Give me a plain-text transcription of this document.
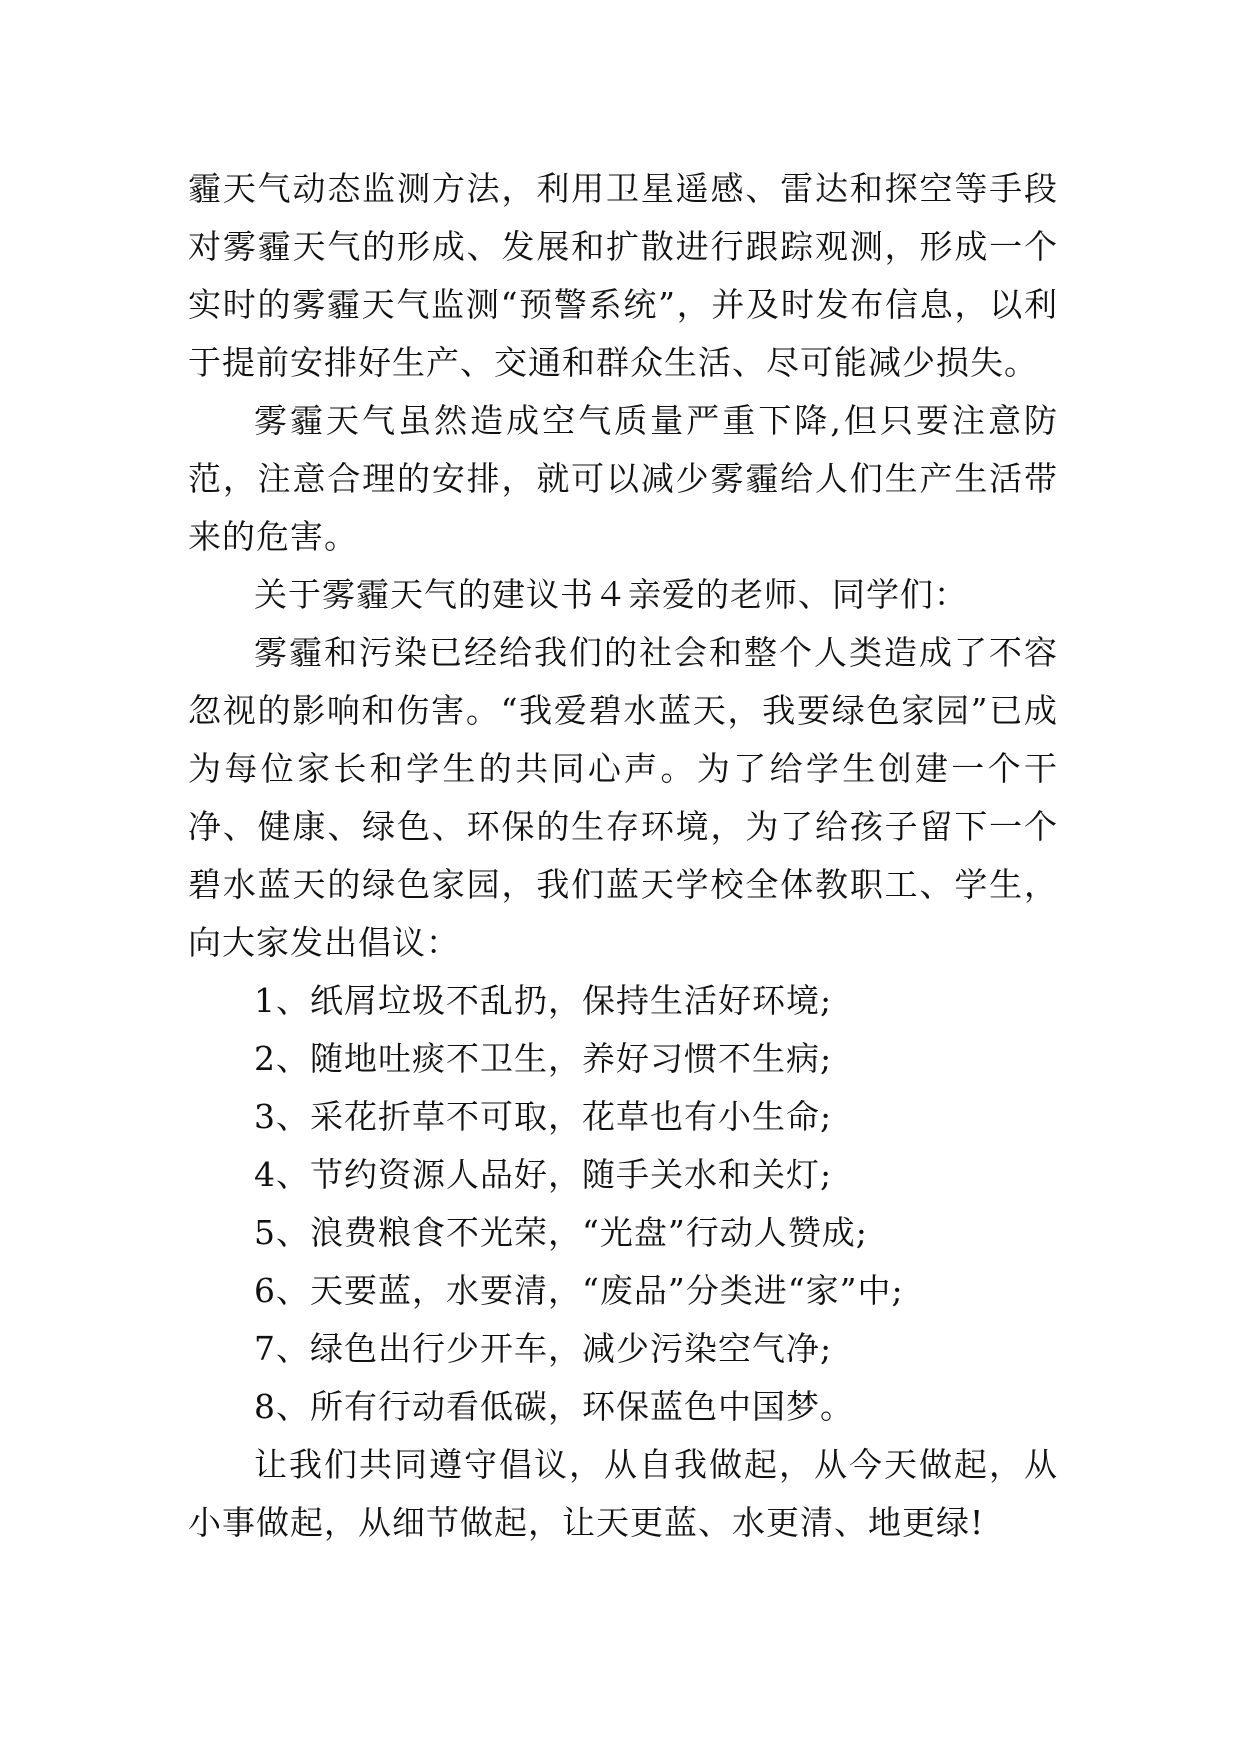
霾天气动态监测方法，利用卫星遥感、雷达和探空等手段对雾霾天气的形成、发展和扩散进行跟踪观测，形成一个实时的雾霾天气监测“预警系统”，并及时发布信息，以利于提前安排好生产、交通和群众生活、尽可能减少损失。

雾霾天气虽然造成空气质量严重下降,但只要注意防范，注意合理的安排，就可以减少雾霾给人们生产生活带来的危害。

关于雾霾天气的建议书４亲爱的老师、同学们：

雾霾和污染已经给我们的社会和整个人类造成了不容忽视的影响和伤害。“我爱碧水蓝天，我要绿色家园”已成为每位家长和学生的共同心声。为了给学生创建一个干净、健康、绿色、环保的生存环境，为了给孩子留下一个碧水蓝天的绿色家园，我们蓝天学校全体教职工、学生，向大家发出倡议：

1、纸屑垃圾不乱扔，保持生活好环境;

2、随地吐痰不卫生，养好习惯不生病;

3、采花折草不可取，花草也有小生命;

4、节约资源人品好，随手关水和关灯;

5、浪费粮食不光荣，“光盘”行动人赞成;

6、天要蓝，水要清，“废品”分类进“家”中;

7、绿色出行少开车，减少污染空气净;

8、所有行动看低碳，环保蓝色中国梦。

让我们共同遵守倡议，从自我做起，从今天做起，从小事做起，从细节做起，让天更蓝、水更清、地更绿!
